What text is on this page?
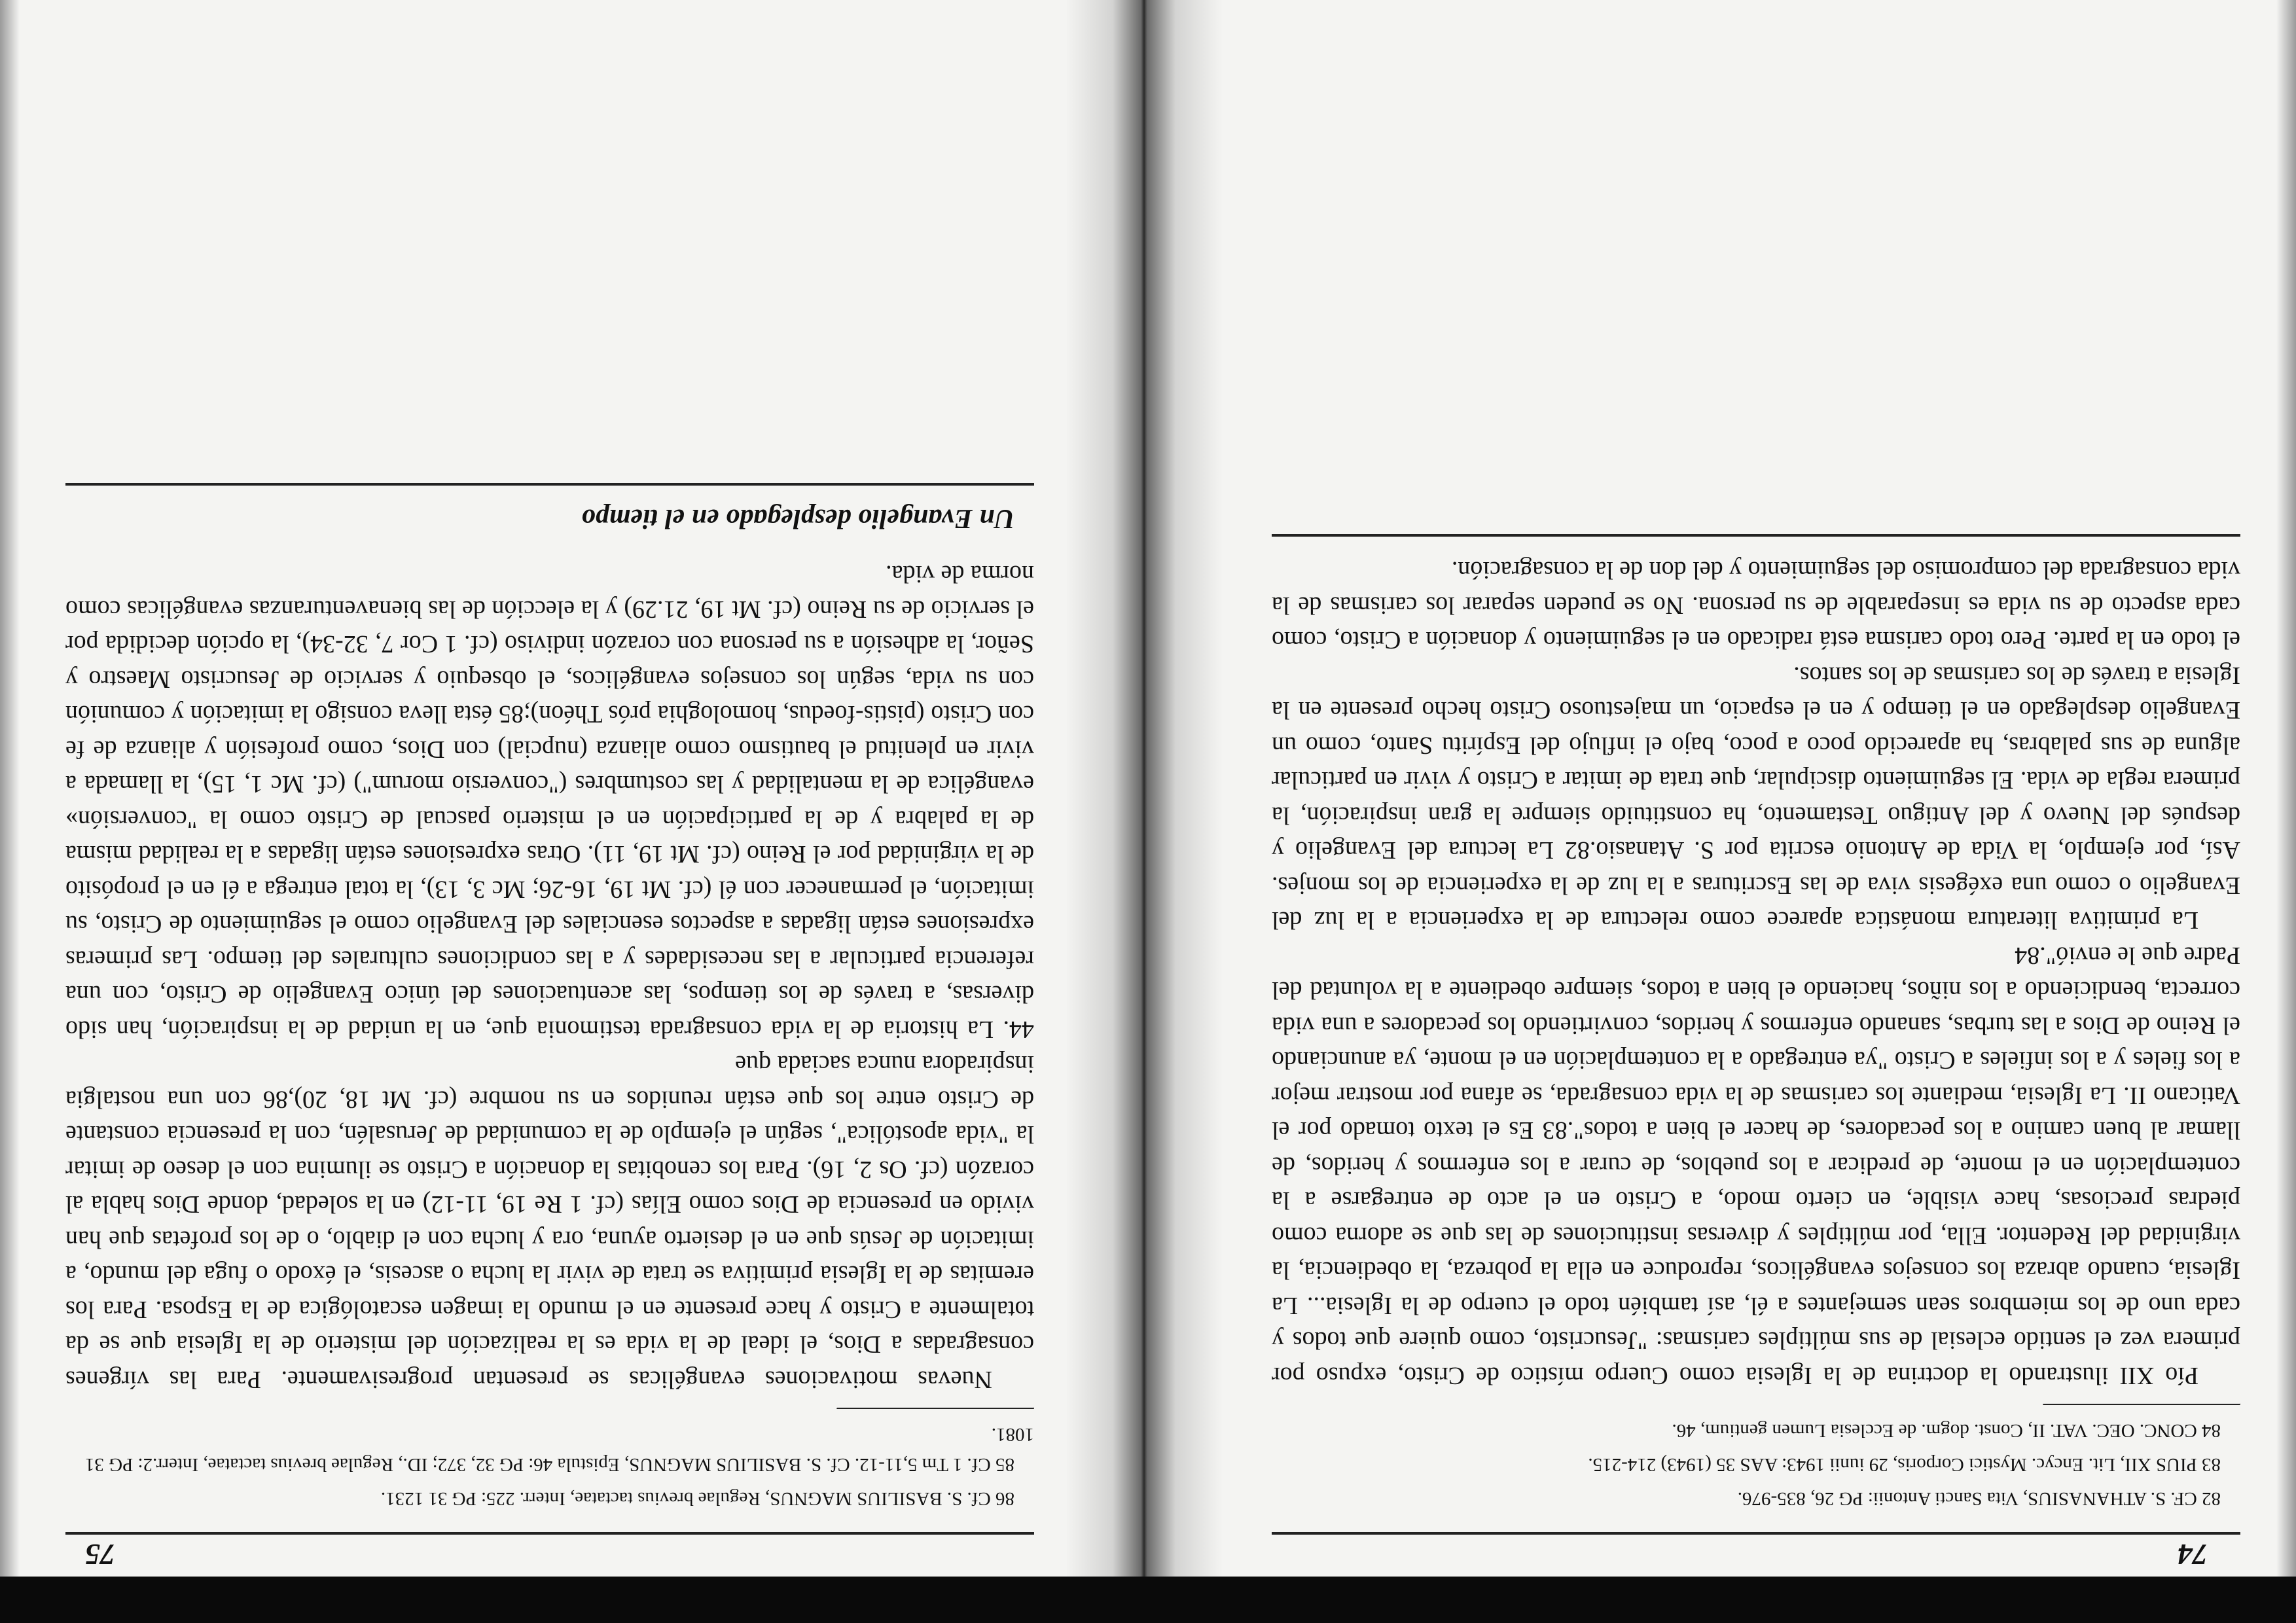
74

82 CF. S. ATHANASIUS, Vita Sancti Antonii: PG 26, 835-976.

83 PIUS XII, Lit. Encyc. Mystici Corporis, 29 iunii 1943: AAS 35 (1943) 214-215.

84 CONC. OEC. VAT. II, Const. dogm. de Ecclesia Lumen gentium, 46.

Pío XII ilustrando la doctrina de la Iglesia como Cuerpo místico de Cristo, expuso por primera vez el sentido eclesial de sus múltiples carismas: "Jesucristo, como quiere que todos y cada uno de los miembros sean semejantes a él, así también todo el cuerpo de la Iglesia... La Iglesia, cuando abraza los consejos evangélicos, reproduce en ella la pobreza, la obediencia, la virginidad del Redentor. Ella, por múltiples y diversas instituciones de las que se adorna como piedras preciosas, hace visible, en cierto modo, a Cristo en el acto de entregarse a la contemplación en el monte, de predicar a los pueblos, de curar a los enfermos y heridos, de llamar al buen camino a los pecadores, de hacer el bien a todos".83 Es el texto tomado por el Vaticano II. La Iglesia, mediante los carismas de la vida consagrada, se afana por mostrar mejor a los fieles y a los infieles a Cristo "ya entregado a la contemplación en el monte, ya anunciando el Reino de Dios a las turbas, sanando enfermos y heridos, convirtiendo los pecadores a una vida correcta, bendiciendo a los niños, haciendo el bien a todos, siempre obediente a la voluntad del Padre que le envió".84

La primitiva literatura monástica aparece como relectura de la experiencia a la luz del Evangelio o como una exégesis viva de las Escrituras a la luz de la experiencia de los monjes. Así, por ejemplo, la Vida de Antonio escrita por S. Atanasio.82 La lectura del Evangelio y después del Nuevo y del Antiguo Testamento, ha constituido siempre la gran inspiración, la primera regla de vida. El seguimiento discipular, que trata de imitar a Cristo y vivir en particular alguna de sus palabras, ha aparecido poco a poco, bajo el influjo del Espíritu Santo, como un Evangelio desplegado en el tiempo y en el espacio, un majestuoso Cristo hecho presente en la Iglesia a través de los carismas de los santos.

el todo en la parte. Pero todo carisma está radicado en el seguimiento y donación a Cristo, como cada aspecto de su vida es inseparable de su persona. No se pueden separar los carismas de la vida consagrada del compromiso del seguimiento y del don de la consagración.

75

86 Cf. S. BASILIUS MAGNUS, Regulae brevius tactatae, Interr. 225: PG 31 1231.

85 Cf. 1 Tm 5,11-12. Cf. S. BASILIUS MAGNUS, Epistula 46: PG 32, 372; ID., Regulae brevius tactatae, Interr.2: PG 31 1081.

Nuevas motivaciones evangélicas se presentan progresivamente. Para las vírgenes consagradas a Dios, el ideal de la vida es la realización del misterio de la Iglesia que se da totalmente a Cristo y hace presente en el mundo la imagen escatológica de la Esposa. Para los eremitas de la Iglesia primitiva se trata de vivir la lucha o ascesis, el éxodo o fuga del mundo, a imitación de Jesús que en el desierto ayuna, ora y lucha con el diablo, o de los profetas que han vivido en presencia de Dios como Elías (cf. 1 Re 19, 11-12) en la soledad, donde Dios habla al corazón (cf. Os 2, 16). Para los cenobitas la donación a Cristo se ilumina con el deseo de imitar la "vida apostólica", según el ejemplo de la comunidad de Jerusalén, con la presencia constante de Cristo entre los que están reunidos en su nombre (cf. Mt 18, 20),86 con una nostalgia inspiradora nunca saciada que

44. La historia de la vida consagrada testimonia que, en la unidad de la inspiración, han sido diversas, a través de los tiempos, las acentuaciones del único Evangelio de Cristo, con una referencia particular a las necesidades y a las condiciones culturales del tiempo. Las primeras expresiones están ligadas a aspectos esenciales del Evangelio como el seguimiento de Cristo, su imitación, el permanecer con él (cf. Mt 19, 16-26; Mc 3, 13), la total entrega a él en el propósito de la virginidad por el Reino (cf. Mt 19, 11). Otras expresiones están ligadas a la realidad misma de la palabra y de la participación en el misterio pascual de Cristo como la "conversión» evangélica de la mentalidad y las costumbres ("conversio morum") (cf. Mc 1, 15), la llamada a vivir en plenitud el bautismo como alianza (nupcial) con Dios, como profesión y alianza de fe con Cristo (pistis-foedus, homologhia prós Théon);85 ésta lleva consigo la imitación y comunión con su vida, según los consejos evangélicos, el obsequio y servicio de Jesucristo Maestro y Señor, la adhesión a su persona con corazón indiviso (cf. 1 Cor 7, 32-34), la opción decidida por el servicio de su Reino (cf. Mt 19, 21.29) y la elección de las bienaventuranzas evangélicas como norma de vida.

Un Evangelio desplegado en el tiempo
